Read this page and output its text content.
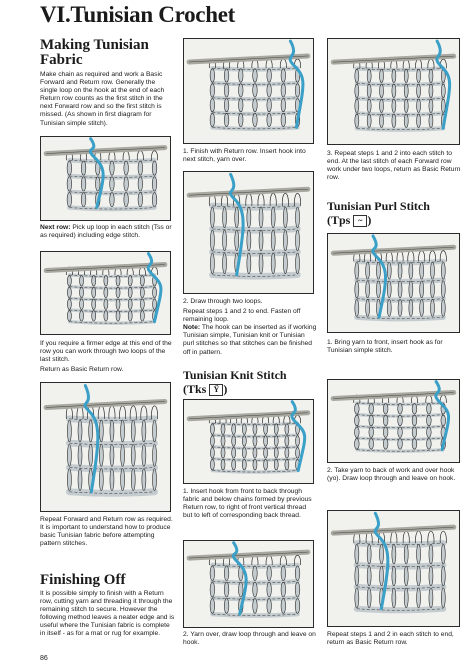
VI.Tunisian Crochet
Making Tunisian Fabric

Make chain as required and work a Basic Forward and Return row. Generally the single loop on the hook at the end of each Return row counts as the first stitch in the next Forward row and so the first stitch is missed. (As shown in first diagram for Tunisian simple stitch).

Next row: Pick up loop in each stitch (Tss or as required) including edge stitch.

If you require a firmer edge at this end of the row you can work through two loops of the last stitch.

Return as Basic Return row.

Repeat Forward and Return row as required. It is important to understand how to produce basic Tunisian fabric before attempting pattern stitches.

Finishing Off

It is possible simply to finish with a Return row, cutting yarn and threading it through the remaining stitch to secure. However the following method leaves a neater edge and is useful where the Tunisian fabric is complete in itself - as for a mat or rug for example.

1. Finish with Return row. Insert hook into next stitch, yarn over.

2. Draw through two loops.

Repeat steps 1 and 2 to end. Fasten off remaining loop.

Note: The hook can be inserted as if working Tunisian simple, Tunisian knit or Tunisian purl stitches so that stitches can be finished off in pattern.

Tunisian Knit Stitch
(Tks Ϋ )

1. Insert hook from front to back through fabric and below chains formed by previous Return row, to right of front vertical thread but to left of corresponding back thread.

2. Yarn over, draw loop through and leave on hook.

3. Repeat steps 1 and 2 into each stitch to end. At the last stitch of each Forward row work under two loops, return as Basic Return row.

Tunisian Purl Stitch
(Tps ~ )

1. Bring yarn to front, insert hook as for Tunisian simple stitch.

2. Take yarn to back of work and over hook (yo). Draw loop through and leave on hook.

Repeat steps 1 and 2 in each stitch to end, return as Basic Return row.

86
